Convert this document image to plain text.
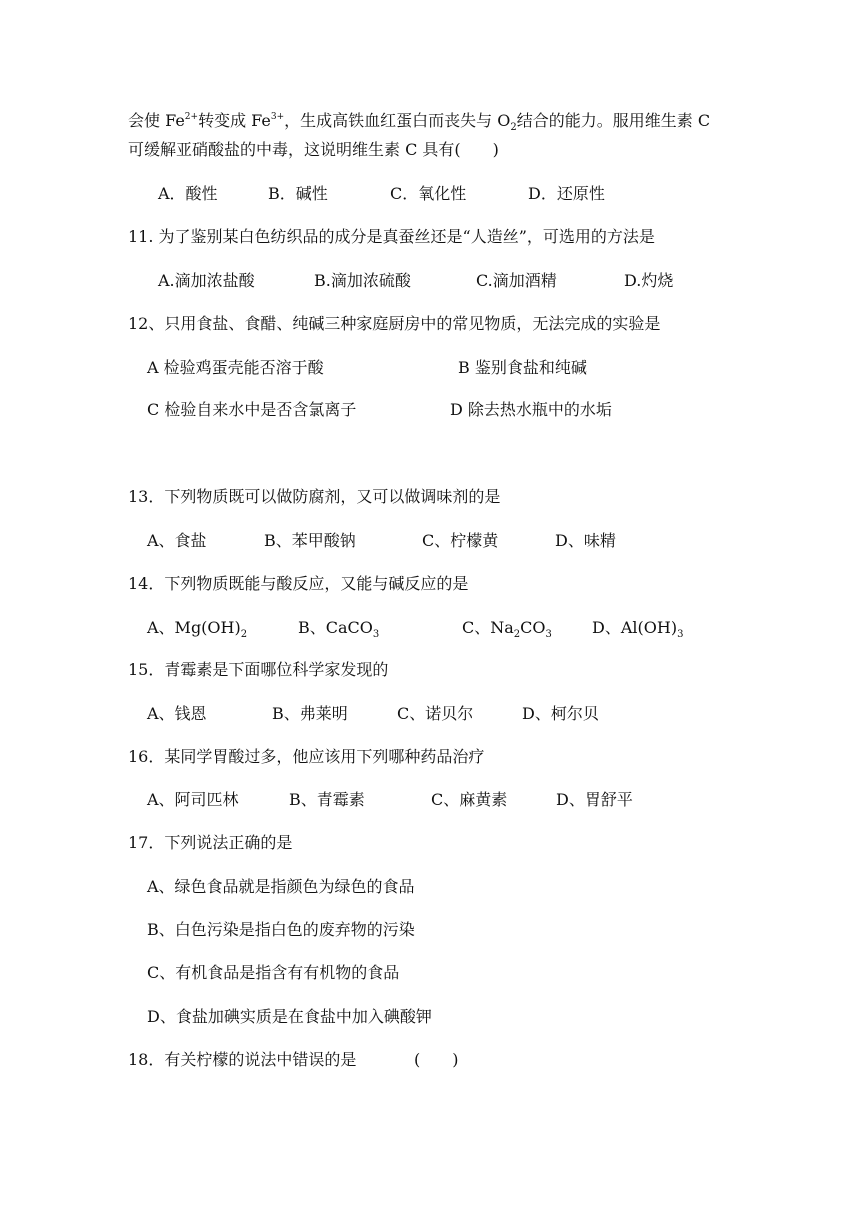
会使 $Fe^{2+}$转变成 $Fe^{3+}$，生成高铁血红蛋白而丧失与 $O_2$结合的能力。服用维生素 C
可缓解亚硝酸盐的中毒，这说明维生素 C 具有(　　)
A．酸性	B．碱性	C．氧化性	D．还原性
11. 为了鉴别某白色纺织品的成分是真蚕丝还是“人造丝”，可选用的方法是
A.滴加浓盐酸	B.滴加浓硫酸	C.滴加酒精	D.灼烧
12、只用食盐、食醋、纯碱三种家庭厨房中的常见物质，无法完成的实验是
A 检验鸡蛋壳能否溶于酸	B 鉴别食盐和纯碱
C 检验自来水中是否含氯离子	D 除去热水瓶中的水垢
13．下列物质既可以做防腐剂，又可以做调味剂的是
A、食盐	B、苯甲酸钠	C、柠檬黄	D、味精
14．下列物质既能与酸反应，又能与碱反应的是
A、$Mg(OH)_2$	B、CaCO$_3$	C、$Na_2CO_3$	D、$Al(OH)_3$
15．青霉素是下面哪位科学家发现的
A、钱恩	B、弗莱明	C、诺贝尔	D、柯尔贝
16．某同学胃酸过多，他应该用下列哪种药品治疗
A、阿司匹林	B、青霉素	C、麻黄素	D、胃舒平
17．下列说法正确的是
A、绿色食品就是指颜色为绿色的食品
B、白色污染是指白色的废弃物的污染
C、有机食品是指含有有机物的食品
D、食盐加碘实质是在食盐中加入碘酸钾
18．有关柠檬的说法中错误的是	(　　)
